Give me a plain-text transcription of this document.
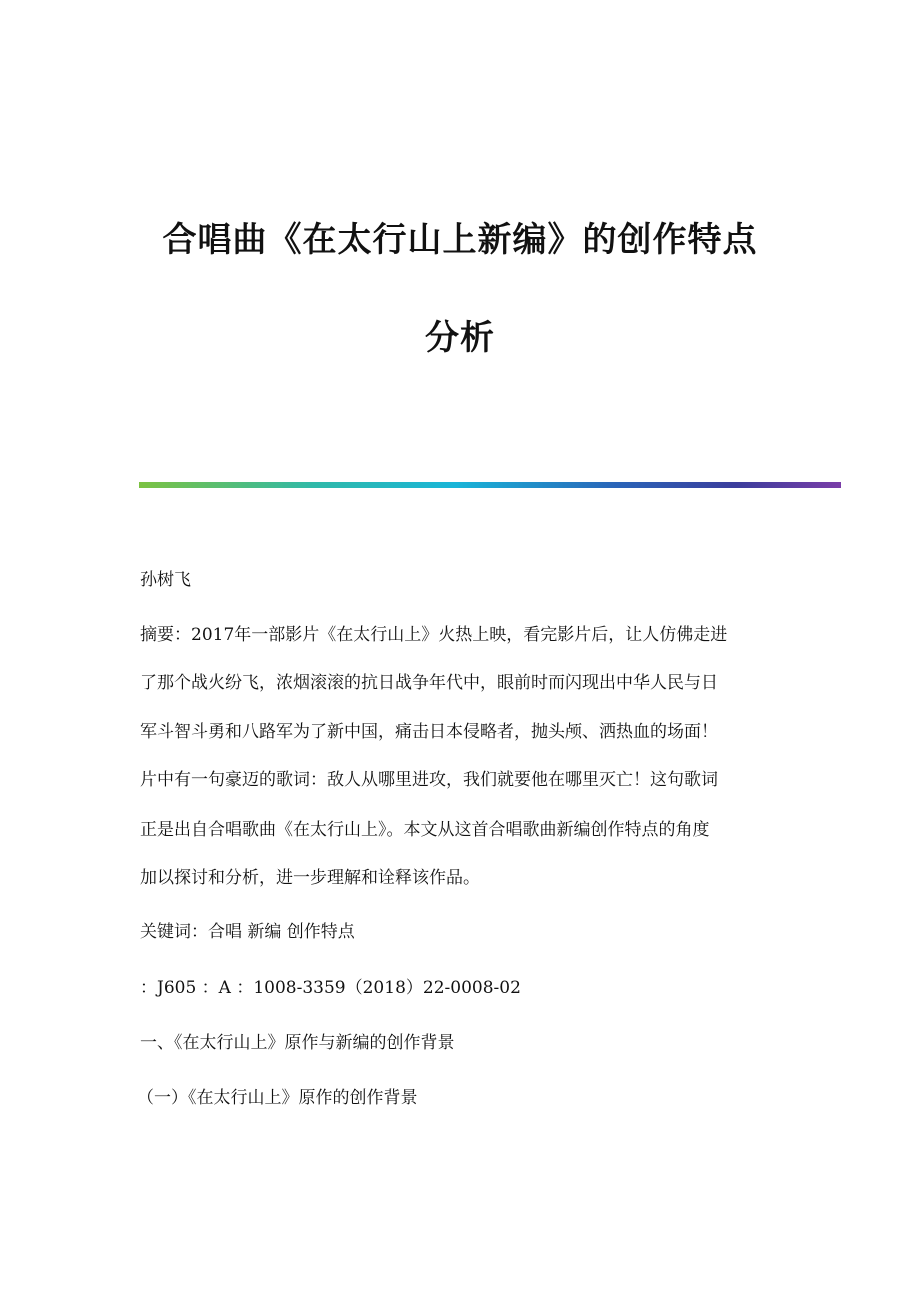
合唱曲《在太行山上新编》的创作特点
分析
孙树飞
摘要：2017年一部影片《在太行山上》火热上映，看完影片后，让人仿佛走进
了那个战火纷飞，浓烟滚滚的抗日战争年代中，眼前时而闪现出中华人民与日
军斗智斗勇和八路军为了新中国，痛击日本侵略者，抛头颅、洒热血的场面！
片中有一句豪迈的歌词：敌人从哪里进攻，我们就要他在哪里灭亡！这句歌词
正是出自合唱歌曲《在太行山上》。本文从这首合唱歌曲新编创作特点的角度
加以探讨和分析，进一步理解和诠释该作品。
关键词：合唱 新编 创作特点
：J605 ：A ：1008-3359（2018）22-0008-02
一、《在太行山上》原作与新编的创作背景
（一）《在太行山上》原作的创作背景
